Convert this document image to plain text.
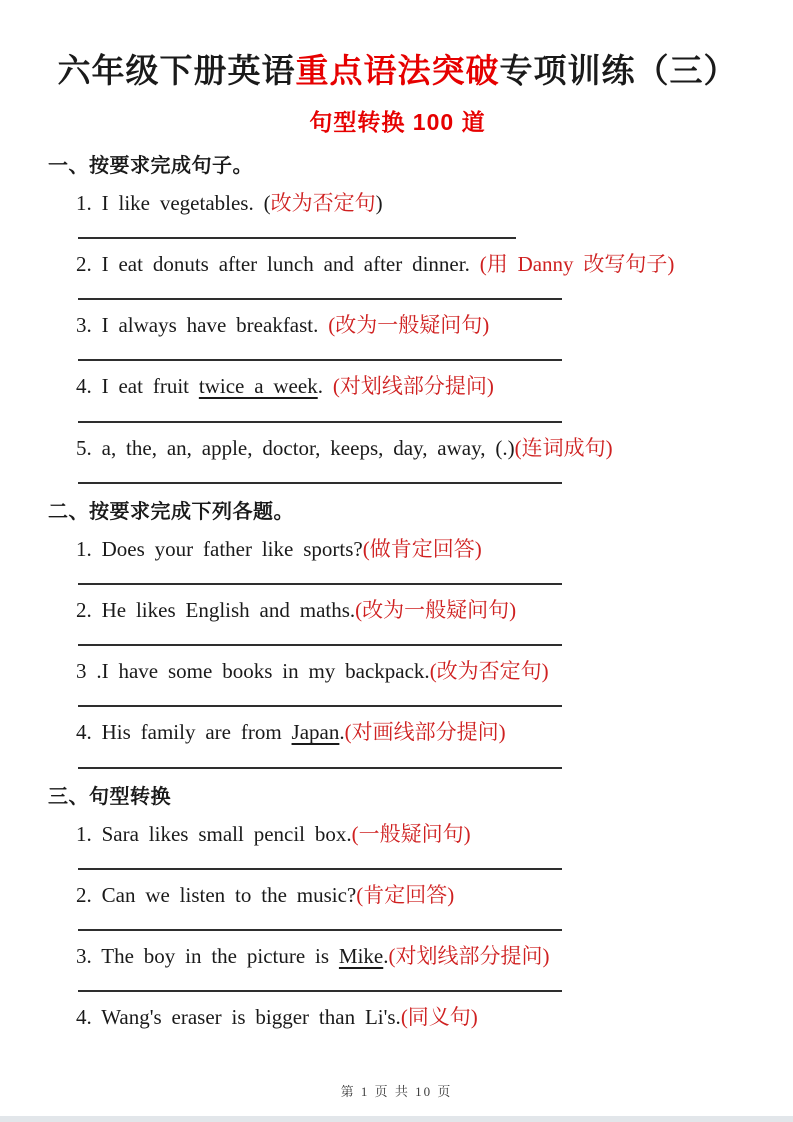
六年级下册英语重点语法突破专项训练（三）
句型转换 100 道
一、按要求完成句子。

1. I like vegetables. (改为否定句)

2. I eat donuts after lunch and after dinner. (用 Danny 改写句子)

3. I always have breakfast. (改为一般疑问句)

4. I eat fruit twice a week. (对划线部分提问)

5. a, the, an, apple, doctor, keeps, day, away, (.)(连词成句)

二、按要求完成下列各题。

1. Does your father like sports?(做肯定回答)

2. He likes English and maths.(改为一般疑问句)

3 .I have some books in my backpack.(改为否定句)

4. His family are from Japan.(对画线部分提问)

三、句型转换

1. Sara likes small pencil box.(一般疑问句)

2. Can we listen to the music?(肯定回答)

3. The boy in the picture is Mike.(对划线部分提问)

4. Wang's eraser is bigger than Li's.(同义句)

第 1 页 共 10 页
